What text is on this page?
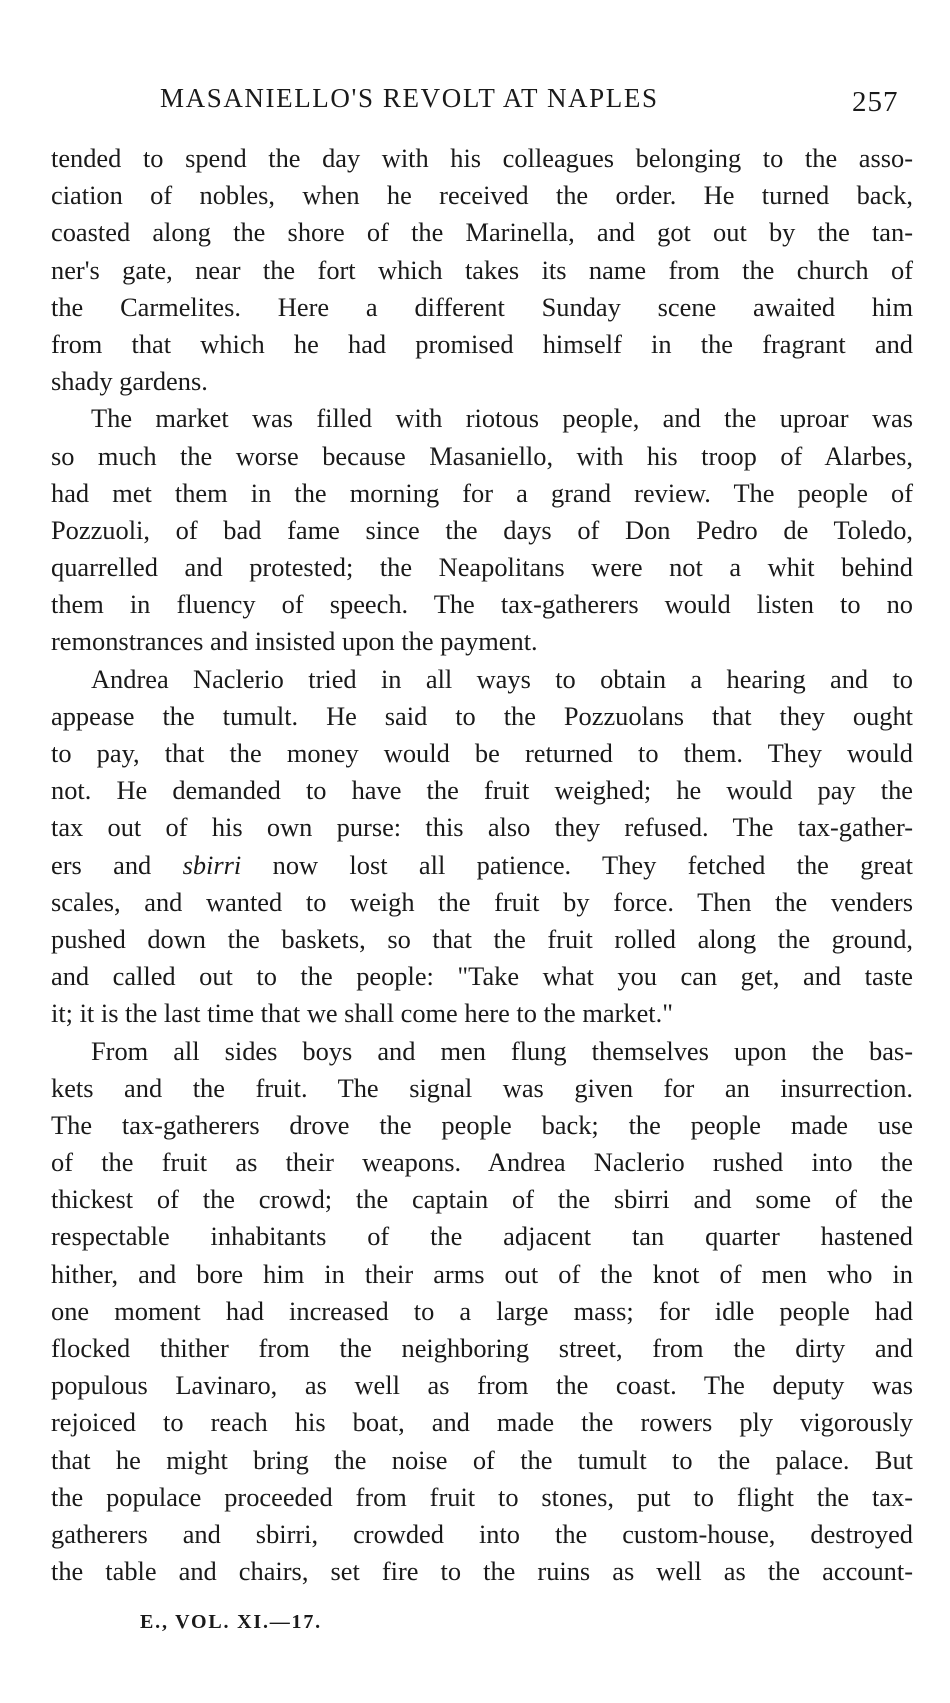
MASANIELLO'S REVOLT AT NAPLES	257
tended to spend the day with his colleagues belonging to the asso-
ciation of nobles, when he received the order. He turned back,
coasted along the shore of the Marinella, and got out by the tan-
ner's gate, near the fort which takes its name from the church of
the Carmelites. Here a different Sunday scene awaited him
from that which he had promised himself in the fragrant and
shady gardens.
The market was filled with riotous people, and the uproar was
so much the worse because Masaniello, with his troop of Alarbes,
had met them in the morning for a grand review. The people of
Pozzuoli, of bad fame since the days of Don Pedro de Toledo,
quarrelled and protested; the Neapolitans were not a whit behind
them in fluency of speech. The tax-gatherers would listen to no
remonstrances and insisted upon the payment.
Andrea Naclerio tried in all ways to obtain a hearing and to
appease the tumult. He said to the Pozzuolans that they ought
to pay, that the money would be returned to them. They would
not. He demanded to have the fruit weighed; he would pay the
tax out of his own purse: this also they refused. The tax-gather-
ers and sbirri now lost all patience. They fetched the great
scales, and wanted to weigh the fruit by force. Then the venders
pushed down the baskets, so that the fruit rolled along the ground,
and called out to the people: "Take what you can get, and taste
it; it is the last time that we shall come here to the market."
From all sides boys and men flung themselves upon the bas-
kets and the fruit. The signal was given for an insurrection.
The tax-gatherers drove the people back; the people made use
of the fruit as their weapons. Andrea Naclerio rushed into the
thickest of the crowd; the captain of the sbirri and some of the
respectable inhabitants of the adjacent tan quarter hastened
hither, and bore him in their arms out of the knot of men who in
one moment had increased to a large mass; for idle people had
flocked thither from the neighboring street, from the dirty and
populous Lavinaro, as well as from the coast. The deputy was
rejoiced to reach his boat, and made the rowers ply vigorously
that he might bring the noise of the tumult to the palace. But
the populace proceeded from fruit to stones, put to flight the tax-
gatherers and sbirri, crowded into the custom-house, destroyed
the table and chairs, set fire to the ruins as well as the account-
E., VOL. XI.—17.
